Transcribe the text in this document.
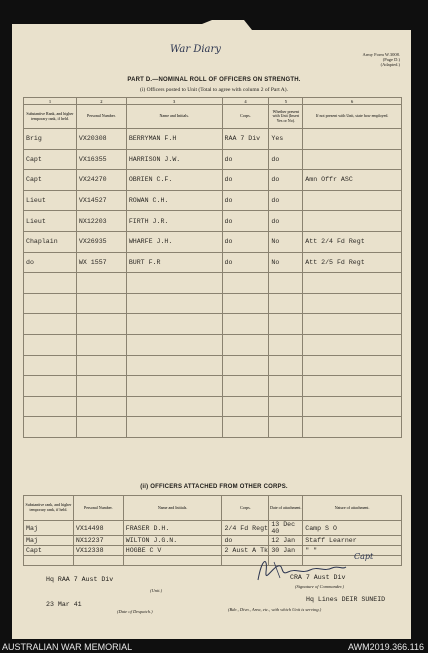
War Diary	Army Form W.3008.
(Page D.)
(Adapted.)
PART D.—NOMINAL ROLL OF OFFICERS ON STRENGTH.
(i) Officers posted to Unit (Total to agree with column 2 of Part A).
1	2	3	4	5	6
Substantive Rank, and higher temporary rank, if held.	Personal Number.	Name and Initials.	Corps.	Whether present with Unit (Insert Yes or No).	If not present with Unit, state how employed.
Brig	VX20308	BERRYMAN F.H	RAA 7 Div	Yes	
Capt	VX16355	HARRISON J.W.	do	do	
Capt	VX24270	OBRIEN C.F.	do	do	Amn Offr ASC
Lieut	VX14527	ROWAN C.H.	do	do	
Lieut	NX12203	FIRTH J.R.	do	do	
Chaplain	VX26935	WHARFE J.H.	do	No	Att 2/4 Fd Regt
do	WX 1557	BURT F.R	do	No	Att 2/5 Fd Regt

(ii) OFFICERS ATTACHED FROM OTHER CORPS.
Substantive rank, and higher temporary rank, if held.	Personal Number.	Name and Initials.	Corps.	Date of attachment.	Nature of attachment.
Maj	VX14498	FRASER D.H.	2/4 Fd Regt	13 Dec 40	Camp S O
Maj	NX12237	WILTON J.G.N.	do	12 Jan	Staff Learner
Capt	VX12338	HOGBE C V	2 Aust A Tk	30 Jan	" "

Hq RAA 7 Aust Div
(Unit.)
Capt
CRA 7 Aust Div
(Signature of Commander.)
23 Mar 41
(Date of Despatch.)
Hq Lines DEIR SUNEID
(Bde., Divn., Area, etc., with which Unit is serving.)
AUSTRALIAN WAR MEMORIAL	AWM2019.366.116
